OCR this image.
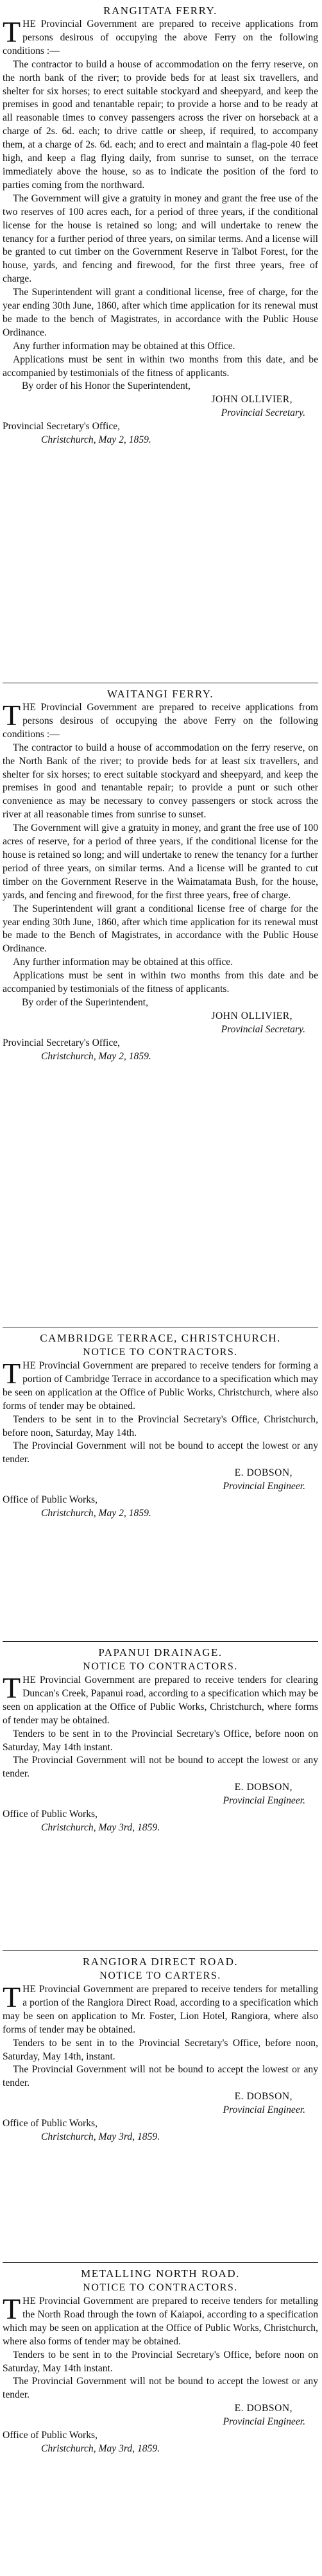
RANGITATA FERRY.

THE Provincial Government are prepared to receive applications from persons desirous of occupying the above Ferry on the following conditions :—

The contractor to build a house of accommodation on the ferry reserve, on the north bank of the river; to provide beds for at least six travellers, and shelter for six horses; to erect suitable stockyard and sheepyard, and keep the premises in good and tenantable repair; to provide a horse and to be ready at all reasonable times to convey passengers across the river on horseback at a charge of 2s. 6d. each; to drive cattle or sheep, if required, to accompany them, at a charge of 2s. 6d. each; and to erect and maintain a flag-pole 40 feet high, and keep a flag flying daily, from sunrise to sunset, on the terrace immediately above the house, so as to indicate the position of the ford to parties coming from the northward.

The Government will give a gratuity in money and grant the free use of the two reserves of 100 acres each, for a period of three years, if the conditional license for the house is retained so long; and will undertake to renew the tenancy for a further period of three years, on similar terms. And a license will be granted to cut timber on the Government Reserve in Talbot Forest, for the house, yards, and fencing and firewood, for the first three years, free of charge.

The Superintendent will grant a conditional license, free of charge, for the year ending 30th June, 1860, after which time application for its renewal must be made to the bench of Magistrates, in accordance with the Public House Ordinance.

Any further information may be obtained at this Office.

Applications must be sent in within two months from this date, and be accompanied by testimonials of the fitness of applicants.

By order of his Honor the Superintendent,

JOHN OLLIVIER,

Provincial Secretary.

Provincial Secretary's Office,

Christchurch, May 2, 1859.

WAITANGI FERRY.

THE Provincial Government are prepared to receive applications from persons desirous of occupying the above Ferry on the following conditions :—

The contractor to build a house of accommodation on the ferry reserve, on the North Bank of the river; to provide beds for at least six travellers, and shelter for six horses; to erect suitable stockyard and sheepyard, and keep the premises in good and tenantable repair; to provide a punt or such other convenience as may be necessary to convey passengers or stock across the river at all reasonable times from sunrise to sunset.

The Government will give a gratuity in money, and grant the free use of 100 acres of reserve, for a period of three years, if the conditional license for the house is retained so long; and will undertake to renew the tenancy for a further period of three years, on similar terms. And a license will be granted to cut timber on the Government Reserve in the Waimatamata Bush, for the house, yards, and fencing and firewood, for the first three years, free of charge.

The Superintendent will grant a conditional license free of charge for the year ending 30th June, 1860, after which time application for its renewal must be made to the Bench of Magistrates, in accordance with the Public House Ordinance.

Any further information may be obtained at this office.

Applications must be sent in within two months from this date and be accompanied by testimonials of the fitness of applicants.

By order of the Superintendent,

JOHN OLLIVIER,

Provincial Secretary.

Provincial Secretary's Office,

Christchurch, May 2, 1859.

CAMBRIDGE TERRACE, CHRISTCHURCH.
NOTICE TO CONTRACTORS.

THE Provincial Government are prepared to receive tenders for forming a portion of Cambridge Terrace in accordance to a specification which may be seen on application at the Office of Public Works, Christchurch, where also forms of tender may be obtained.

Tenders to be sent in to the Provincial Secretary's Office, Christchurch, before noon, Saturday, May 14th.

The Provincial Government will not be bound to accept the lowest or any tender.

E. DOBSON,

Provincial Engineer.

Office of Public Works,

Christchurch, May 2, 1859.

PAPANUI DRAINAGE.
NOTICE TO CONTRACTORS.

THE Provincial Government are prepared to receive tenders for clearing Duncan's Creek, Papanui road, according to a specification which may be seen on application at the Office of Public Works, Christchurch, where forms of tender may be obtained.

Tenders to be sent in to the Provincial Secretary's Office, before noon on Saturday, May 14th instant.

The Provincial Government will not be bound to accept the lowest or any tender.

E. DOBSON,

Provincial Engineer.

Office of Public Works,

Christchurch, May 3rd, 1859.

RANGIORA DIRECT ROAD.
NOTICE TO CARTERS.

THE Provincial Government are prepared to receive tenders for metalling a portion of the Rangiora Direct Road, according to a specification which may be seen on application to Mr. Foster, Lion Hotel, Rangiora, where also forms of tender may be obtained.

Tenders to be sent in to the Provincial Secretary's Office, before noon, Saturday, May 14th, instant.

The Provincial Government will not be bound to accept the lowest or any tender.

E. DOBSON,

Provincial Engineer.

Office of Public Works,

Christchurch, May 3rd, 1859.

METALLING NORTH ROAD.
NOTICE TO CONTRACTORS.

THE Provincial Government are prepared to receive tenders for metalling the North Road through the town of Kaiapoi, according to a specification which may be seen on application at the Office of Public Works, Christchurch, where also forms of tender may be obtained.

Tenders to be sent in to the Provincial Secretary's Office, before noon on Saturday, May 14th instant.

The Provincial Government will not be bound to accept the lowest or any tender.

E. DOBSON,

Provincial Engineer.

Office of Public Works,

Christchurch, May 3rd, 1859.
